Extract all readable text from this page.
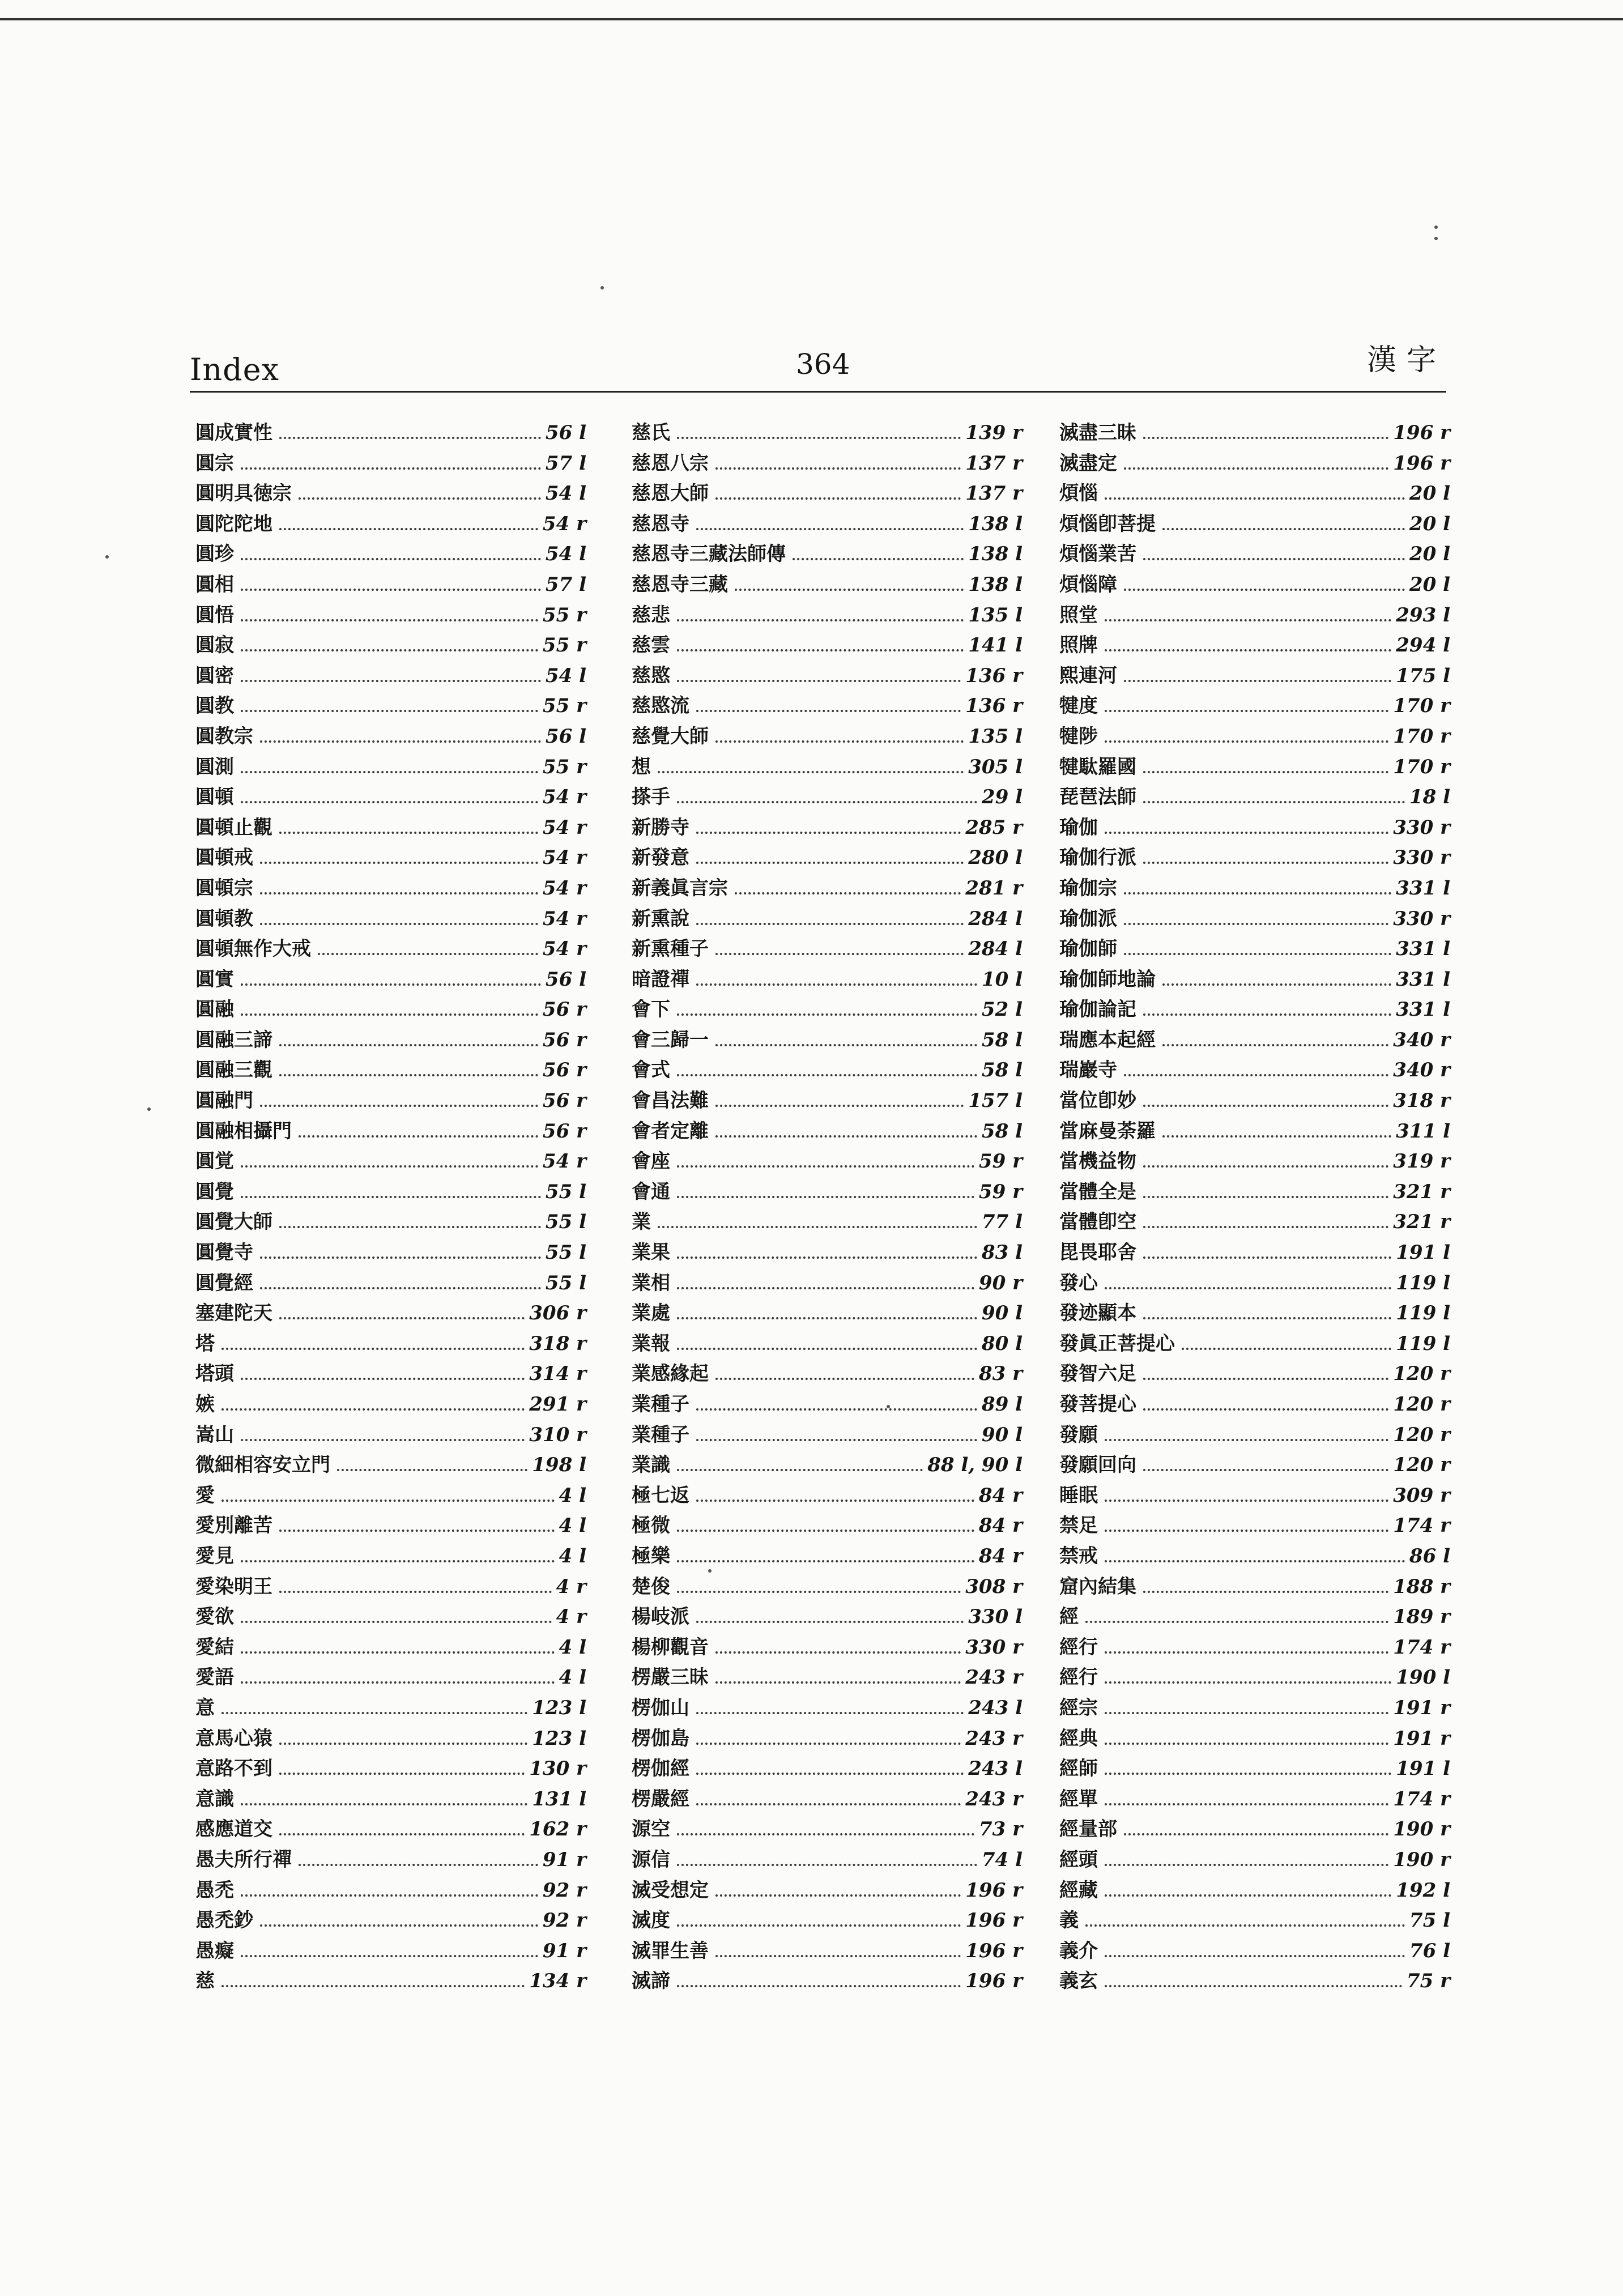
Index	364	漢字
圓成實性	56 l
圓宗	57 l
圓明具徳宗	54 l
圓陀陀地	54 r
圓珍	54 l
圓相	57 l
圓悟	55 r
圓寂	55 r
圓密	54 l
圓教	55 r
圓教宗	56 l
圓測	55 r
圓頓	54 r
圓頓止觀	54 r
圓頓戒	54 r
圓頓宗	54 r
圓頓教	54 r
圓頓無作大戒	54 r
圓實	56 l
圓融	56 r
圓融三諦	56 r
圓融三觀	56 r
圓融門	56 r
圓融相攝門	56 r
圓覚	54 r
圓覺	55 l
圓覺大師	55 l
圓覺寺	55 l
圓覺經	55 l
塞建陀天	306 r
塔	318 r
塔頭	314 r
嫉	291 r
嵩山	310 r
微細相容安立門	198 l
愛	4 l
愛別離苦	4 l
愛見	4 l
愛染明王	4 r
愛欲	4 r
愛結	4 l
愛語	4 l
意	123 l
意馬心猿	123 l
意路不到	130 r
意識	131 l
感應道交	162 r
愚夫所行禪	91 r
愚禿	92 r
愚禿鈔	92 r
愚癡	91 r
慈	134 r
慈氏	139 r
慈恩八宗	137 r
慈恩大師	137 r
慈恩寺	138 l
慈恩寺三藏法師傳	138 l
慈恩寺三藏	138 l
慈悲	135 l
慈雲	141 l
慈愍	136 r
慈愍流	136 r
慈覺大師	135 l
想	305 l
搽手	29 l
新勝寺	285 r
新發意	280 l
新義眞言宗	281 r
新熏說	284 l
新熏種子	284 l
暗證禪	10 l
會下	52 l
會三歸一	58 l
會式	58 l
會昌法難	157 l
會者定離	58 l
會座	59 r
會通	59 r
業	77 l
業果	83 l
業相	90 r
業處	90 l
業報	80 l
業感緣起	83 r
業種子	89 l
業種子	90 l
業識	88 l, 90 l
極七返	84 r
極微	84 r
極樂	84 r
楚俊	308 r
楊岐派	330 l
楊柳觀音	330 r
楞嚴三昧	243 r
楞伽山	243 l
楞伽島	243 r
楞伽經	243 l
楞嚴經	243 r
源空	73 r
源信	74 l
滅受想定	196 r
滅度	196 r
滅罪生善	196 r
滅諦	196 r
滅盡三昧	196 r
滅盡定	196 r
煩惱	20 l
煩惱卽菩提	20 l
煩惱業苦	20 l
煩惱障	20 l
照堂	293 l
照牌	294 l
熙連河	175 l
犍度	170 r
犍陟	170 r
犍駄羅國	170 r
琵琶法師	18 l
瑜伽	330 r
瑜伽行派	330 r
瑜伽宗	331 l
瑜伽派	330 r
瑜伽師	331 l
瑜伽師地論	331 l
瑜伽論記	331 l
瑞應本起經	340 r
瑞巖寺	340 r
當位卽妙	318 r
當麻曼荼羅	311 l
當機益物	319 r
當體全是	321 r
當體卽空	321 r
毘畏耶舍	191 l
發心	119 l
發迹顯本	119 l
發眞正菩提心	119 l
發智六足	120 r
發菩提心	120 r
發願	120 r
發願回向	120 r
睡眠	309 r
禁足	174 r
禁戒	86 l
窟內結集	188 r
經	189 r
經行	174 r
經行	190 l
經宗	191 r
經典	191 r
經師	191 l
經單	174 r
經量部	190 r
經頭	190 r
經藏	192 l
義	75 l
義介	76 l
義玄	75 r
